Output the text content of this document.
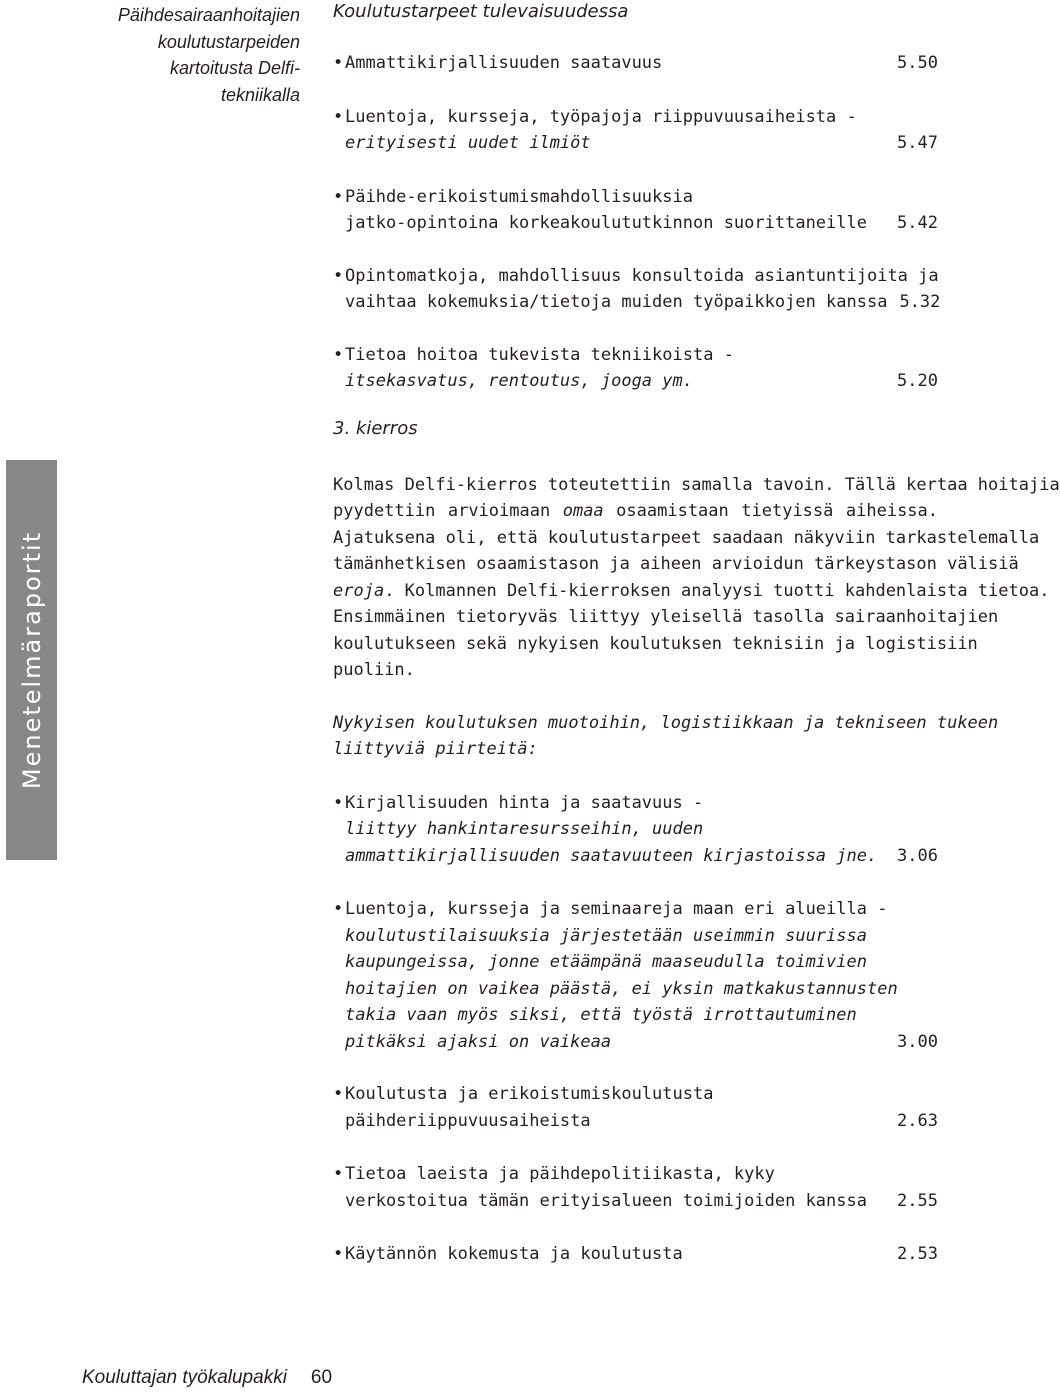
Päihdesairaanhoitajien
koulutustarpeiden
kartoitusta Delfi-
tekniikalla
Menetelmäraportit
Koulutustarpeet tulevaisuudessa
• Ammattikirjallisuuden saatavuus	5.50
• Luentoja, kursseja, työpajoja riippuvuusaiheista -
erityisesti uudet ilmiöt	5.47
• Päihde-erikoistumismahdollisuuksia
jatko-opintoina korkeakoulututkinnon suorittaneille 5.42
• Opintomatkoja, mahdollisuus konsultoida asiantuntijoita ja
vaihtaa kokemuksia/tietoja muiden työpaikkojen kanssa 5.32
• Tietoa hoitoa tukevista tekniikoista -
itsekasvatus, rentoutus, jooga ym.	5.20
3. kierros
Kolmas Delfi-kierros toteutettiin samalla tavoin. Tällä kertaa hoitajia
pyydettiin arvioimaan omaa osaamistaan tietyissä aiheissa.
Ajatuksena oli, että koulutustarpeet saadaan näkyviin tarkastelemalla
tämänhetkisen osaamistason ja aiheen arvioidun tärkeystason välisiä
eroja. Kolmannen Delfi-kierroksen analyysi tuotti kahdenlaista tietoa.
Ensimmäinen tietoryväs liittyy yleisellä tasolla sairaanhoitajien
koulutukseen sekä nykyisen koulutuksen teknisiin ja logistisiin
puoliin.
Nykyisen koulutuksen muotoihin, logistiikkaan ja tekniseen tukeen
liittyviä piirteitä:
• Kirjallisuuden hinta ja saatavuus -
liittyy hankintaresursseihin, uuden
ammattikirjallisuuden saatavuuteen kirjastoissa jne. 3.06
• Luentoja, kursseja ja seminaareja maan eri alueilla -
koulutustilaisuuksia järjestetään useimmin suurissa
kaupungeissa, jonne etäämpänä maaseudulla toimivien
hoitajien on vaikea päästä, ei yksin matkakustannusten
takia vaan myös siksi, että työstä irrottautuminen
pitkäksi ajaksi on vaikeaa	3.00
• Koulutusta ja erikoistumiskoulutusta
päihderiippuvuusaiheista	2.63
• Tietoa laeista ja päihdepolitiikasta, kyky
verkostoitua tämän erityisalueen toimijoiden kanssa 2.55
• Käytännön kokemusta ja koulutusta	2.53
Kouluttajan työkalupakki 60
